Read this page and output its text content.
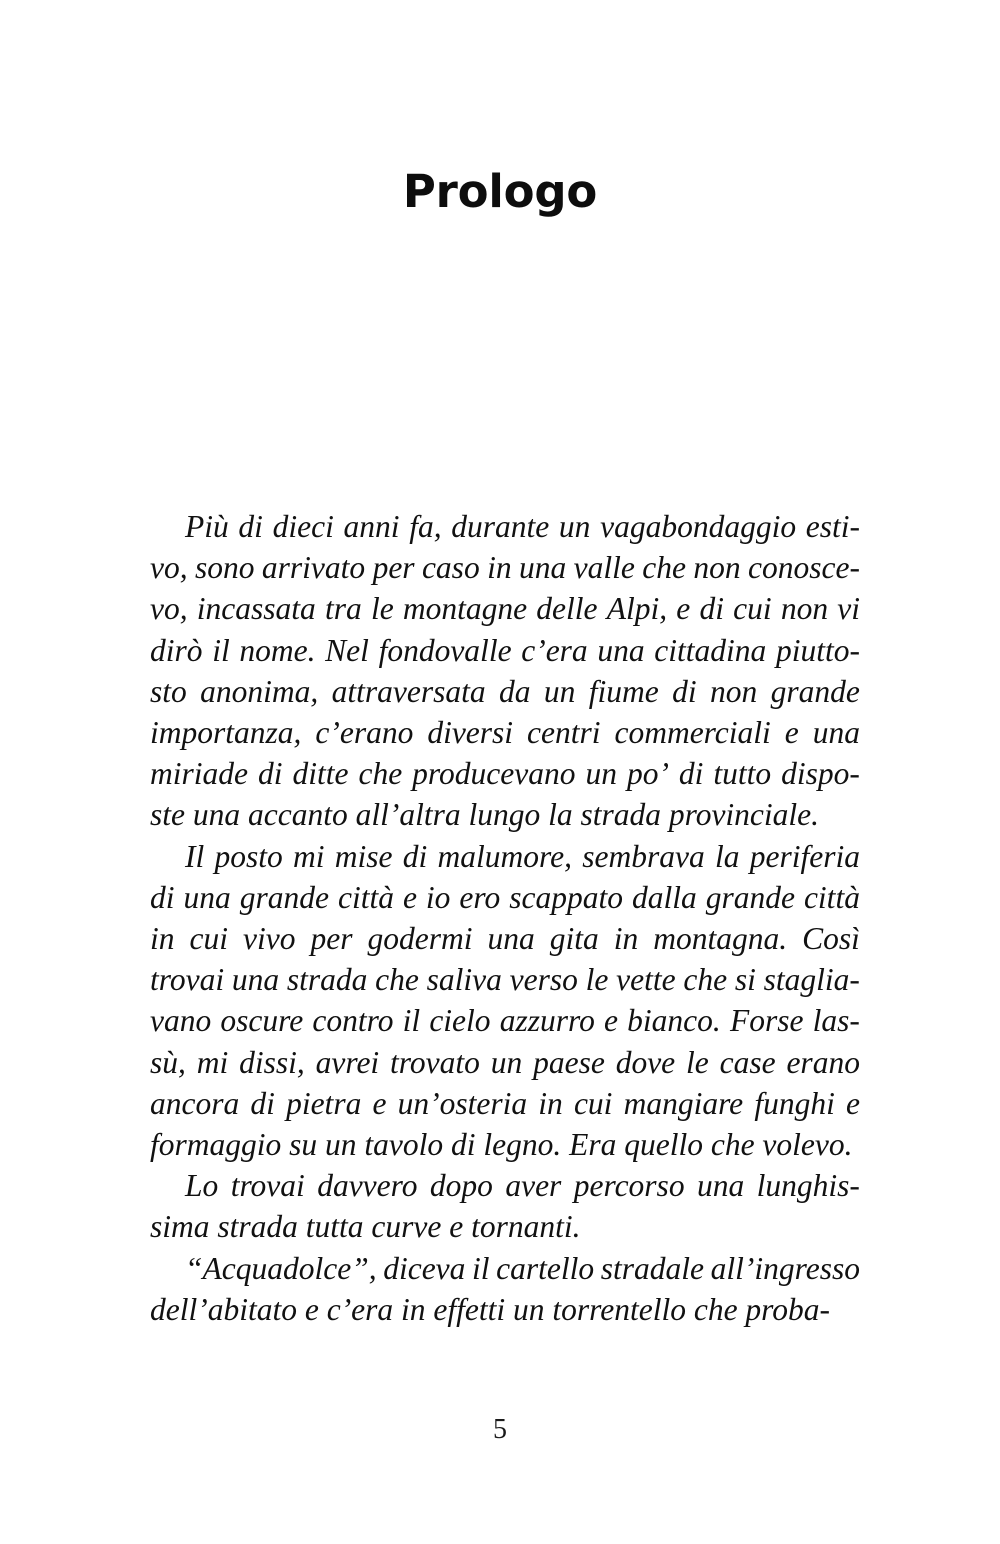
Prologo

Più di dieci anni fa, durante un vagabondaggio esti-
vo, sono arrivato per caso in una valle che non conosce-
vo, incassata tra le montagne delle Alpi, e di cui non vi
dirò il nome. Nel fondovalle c’era una cittadina piutto-
sto anonima, attraversata da un fiume di non grande
importanza, c’erano diversi centri commerciali e una
miriade di ditte che producevano un po’ di tutto dispo-
ste una accanto all’altra lungo la strada provinciale.

Il posto mi mise di malumore, sembrava la periferia
di una grande città e io ero scappato dalla grande città
in cui vivo per godermi una gita in montagna. Così
trovai una strada che saliva verso le vette che si staglia-
vano oscure contro il cielo azzurro e bianco. Forse las-
sù, mi dissi, avrei trovato un paese dove le case erano
ancora di pietra e un’osteria in cui mangiare funghi e
formaggio su un tavolo di legno. Era quello che volevo.

Lo trovai davvero dopo aver percorso una lunghis-
sima strada tutta curve e tornanti.

“Acquadolce”, diceva il cartello stradale all’ingresso
dell’abitato e c’era in effetti un torrentello che proba-

5
